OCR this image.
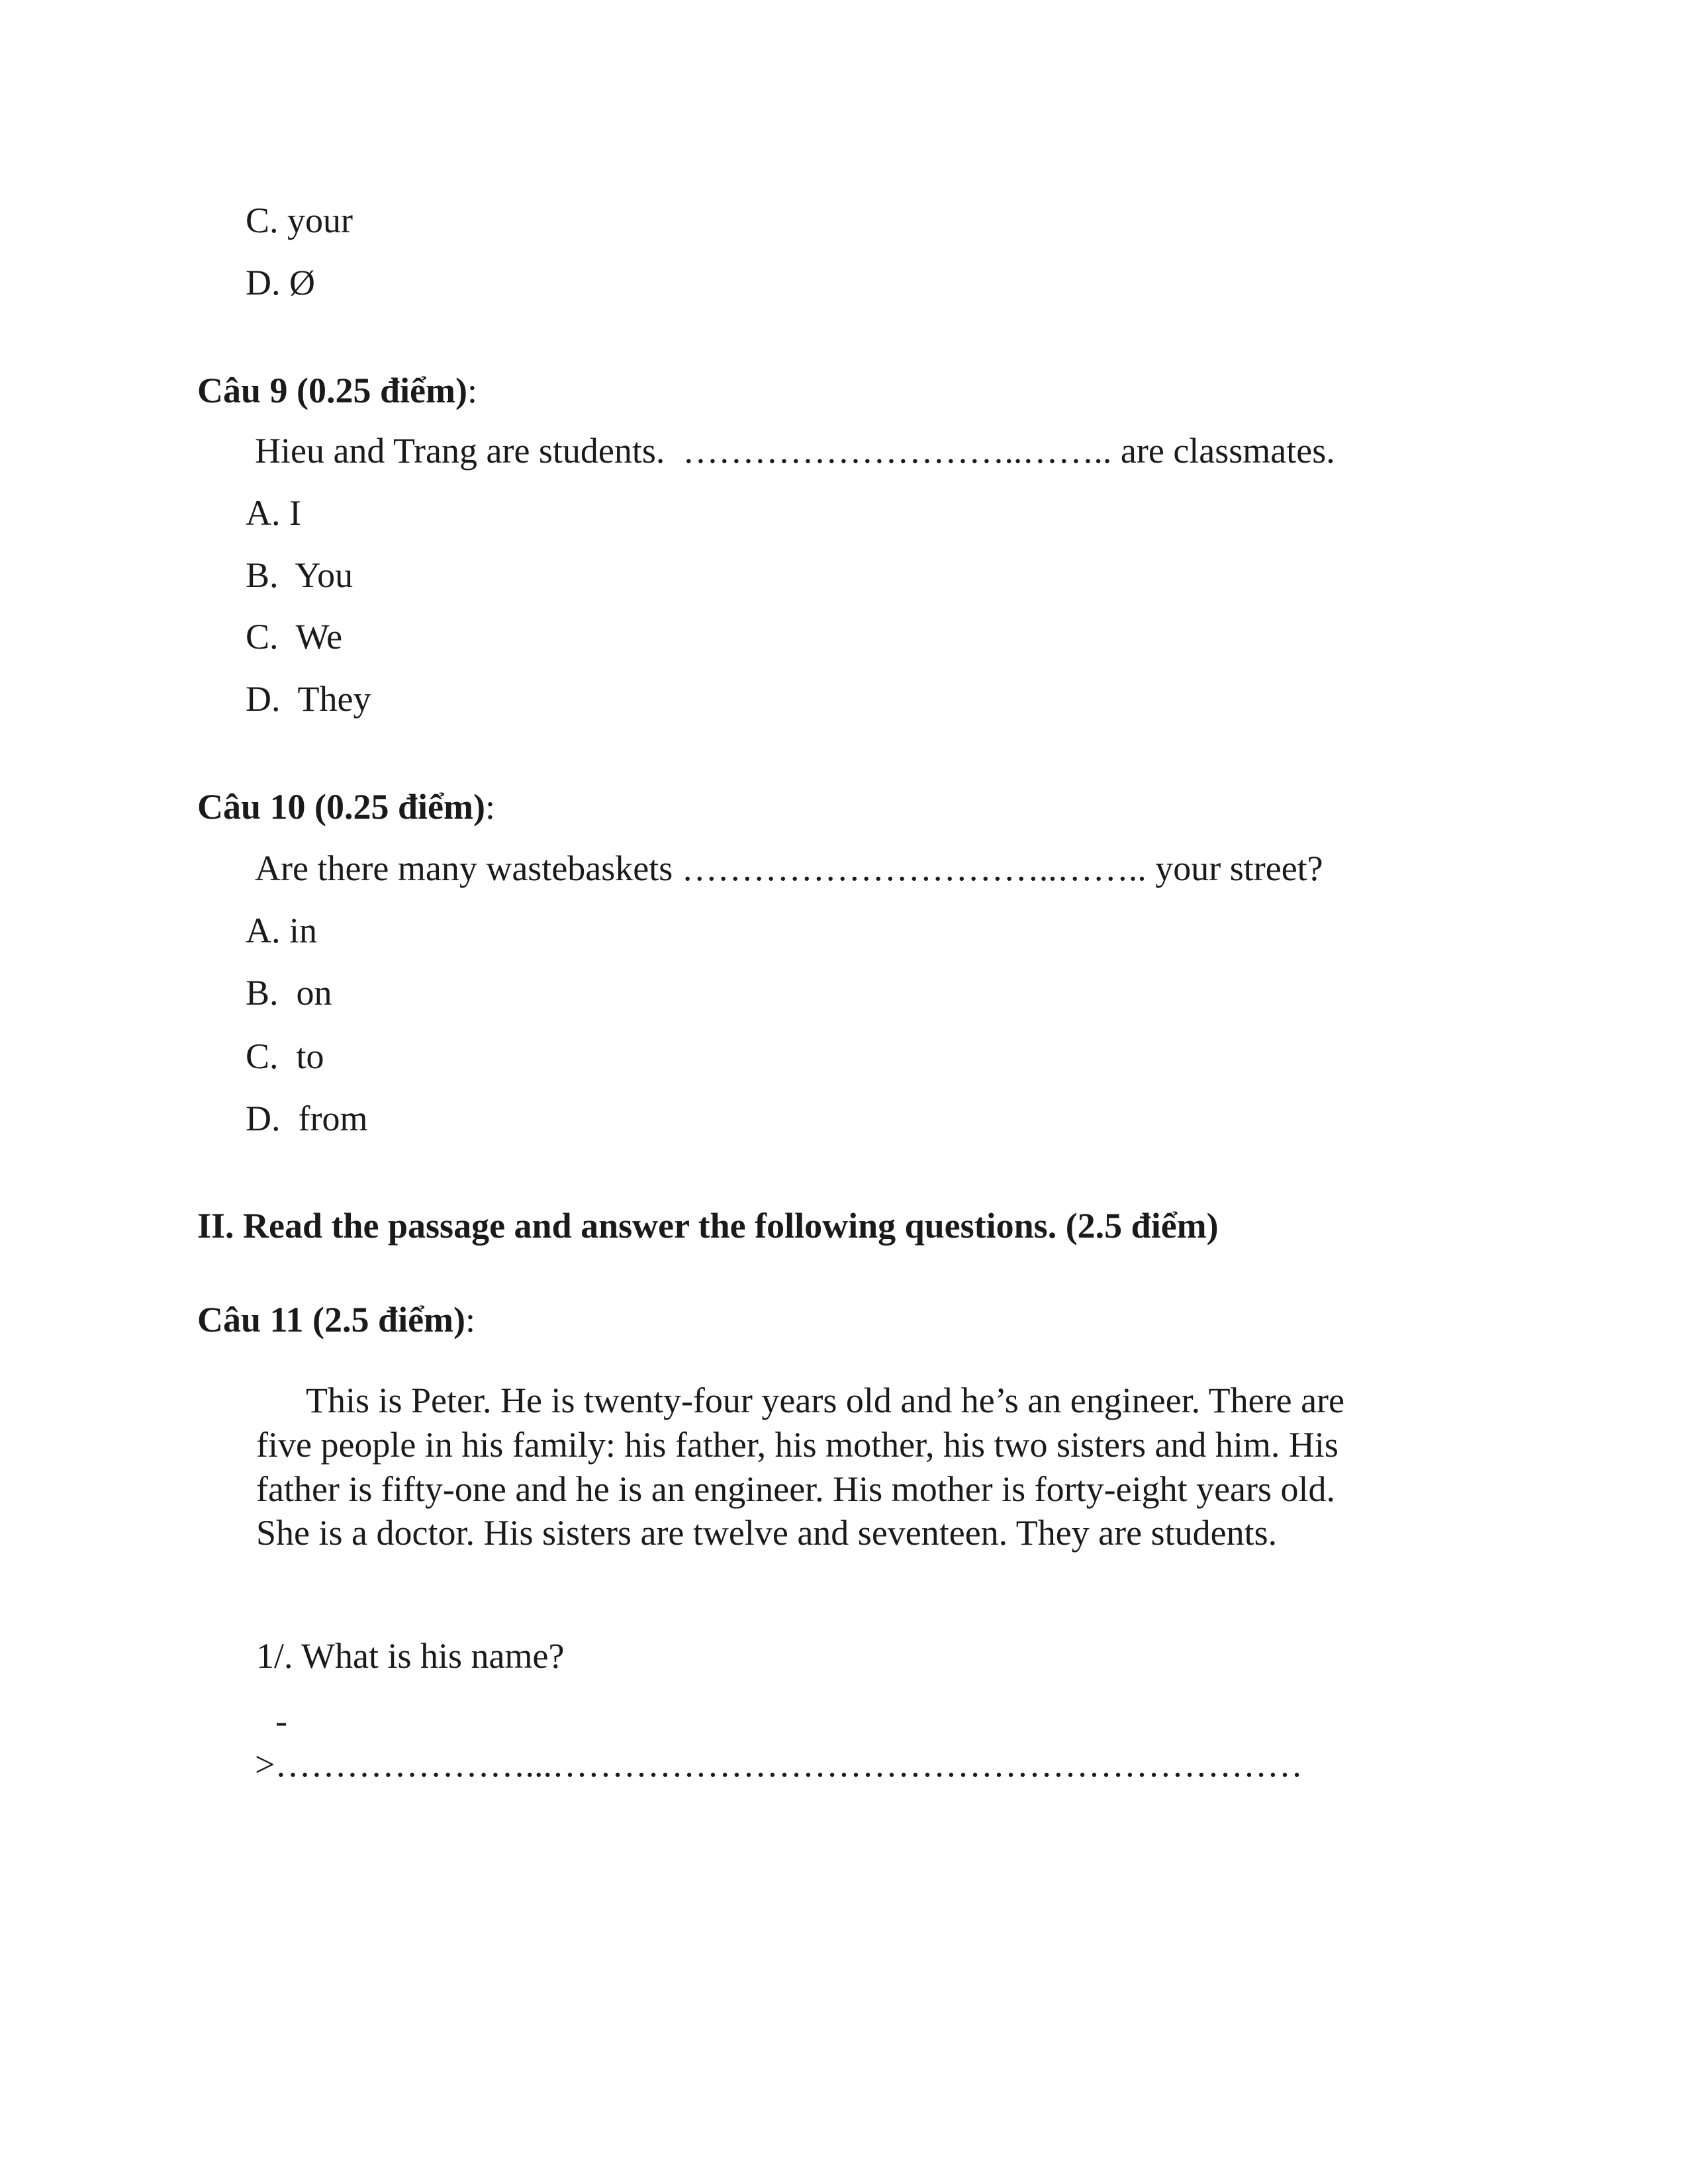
C. your
D. Ø
Câu 9 (0.25 điểm):
Hieu and Trang are students.  ………………………..…….. are classmates.
A. I
B.  You
C.  We
D.  They
Câu 10 (0.25 điểm):
Are there many wastebaskets …………………………..…….. your street?
A. in
B.  on
C.  to
D.  from
II. Read the passage and answer the following questions. (2.5 điểm)
Câu 11 (2.5 điểm):
This is Peter. He is twenty-four years old and he’s an engineer. There are
five people in his family: his father, his mother, his two sisters and him. His
father is fifty-one and he is an engineer. His mother is forty-eight years old.
She is a doctor. His sisters are twelve and seventeen. They are students.
1/. What is his name?
-
>…………………...………………………………………………………
